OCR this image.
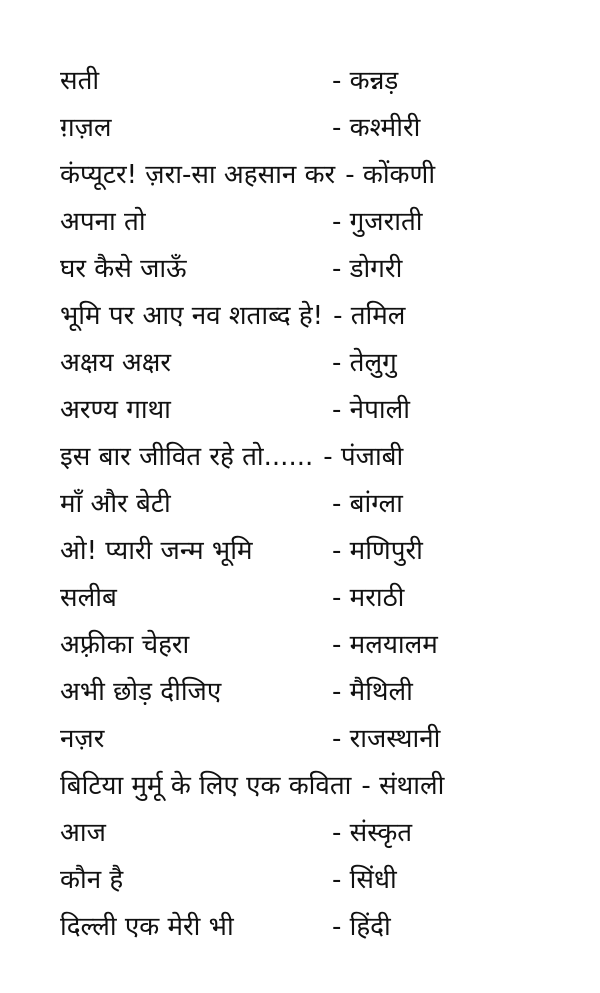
सती	- कन्नड़
ग़ज़ल	- कश्मीरी
कंप्यूटर! ज़रा-सा अहसान कर - कोंकणी
अपना तो	- गुजराती
घर कैसे जाऊँ	- डोगरी
भूमि पर आए नव शताब्द हे! - तमिल
अक्षय अक्षर	- तेलुगु
अरण्य गाथा	- नेपाली
इस बार जीवित रहे तो...... - पंजाबी
माँ और बेटी	- बांग्ला
ओ! प्यारी जन्म भूमि	- मणिपुरी
सलीब	- मराठी
अफ़्रीका चेहरा	- मलयालम
अभी छोड़ दीजिए	- मैथिली
नज़र	- राजस्थानी
बिटिया मुर्मू के लिए एक कविता - संथाली
आज	- संस्कृत
कौन है	- सिंधी
दिल्ली एक मेरी भी	- हिंदी
